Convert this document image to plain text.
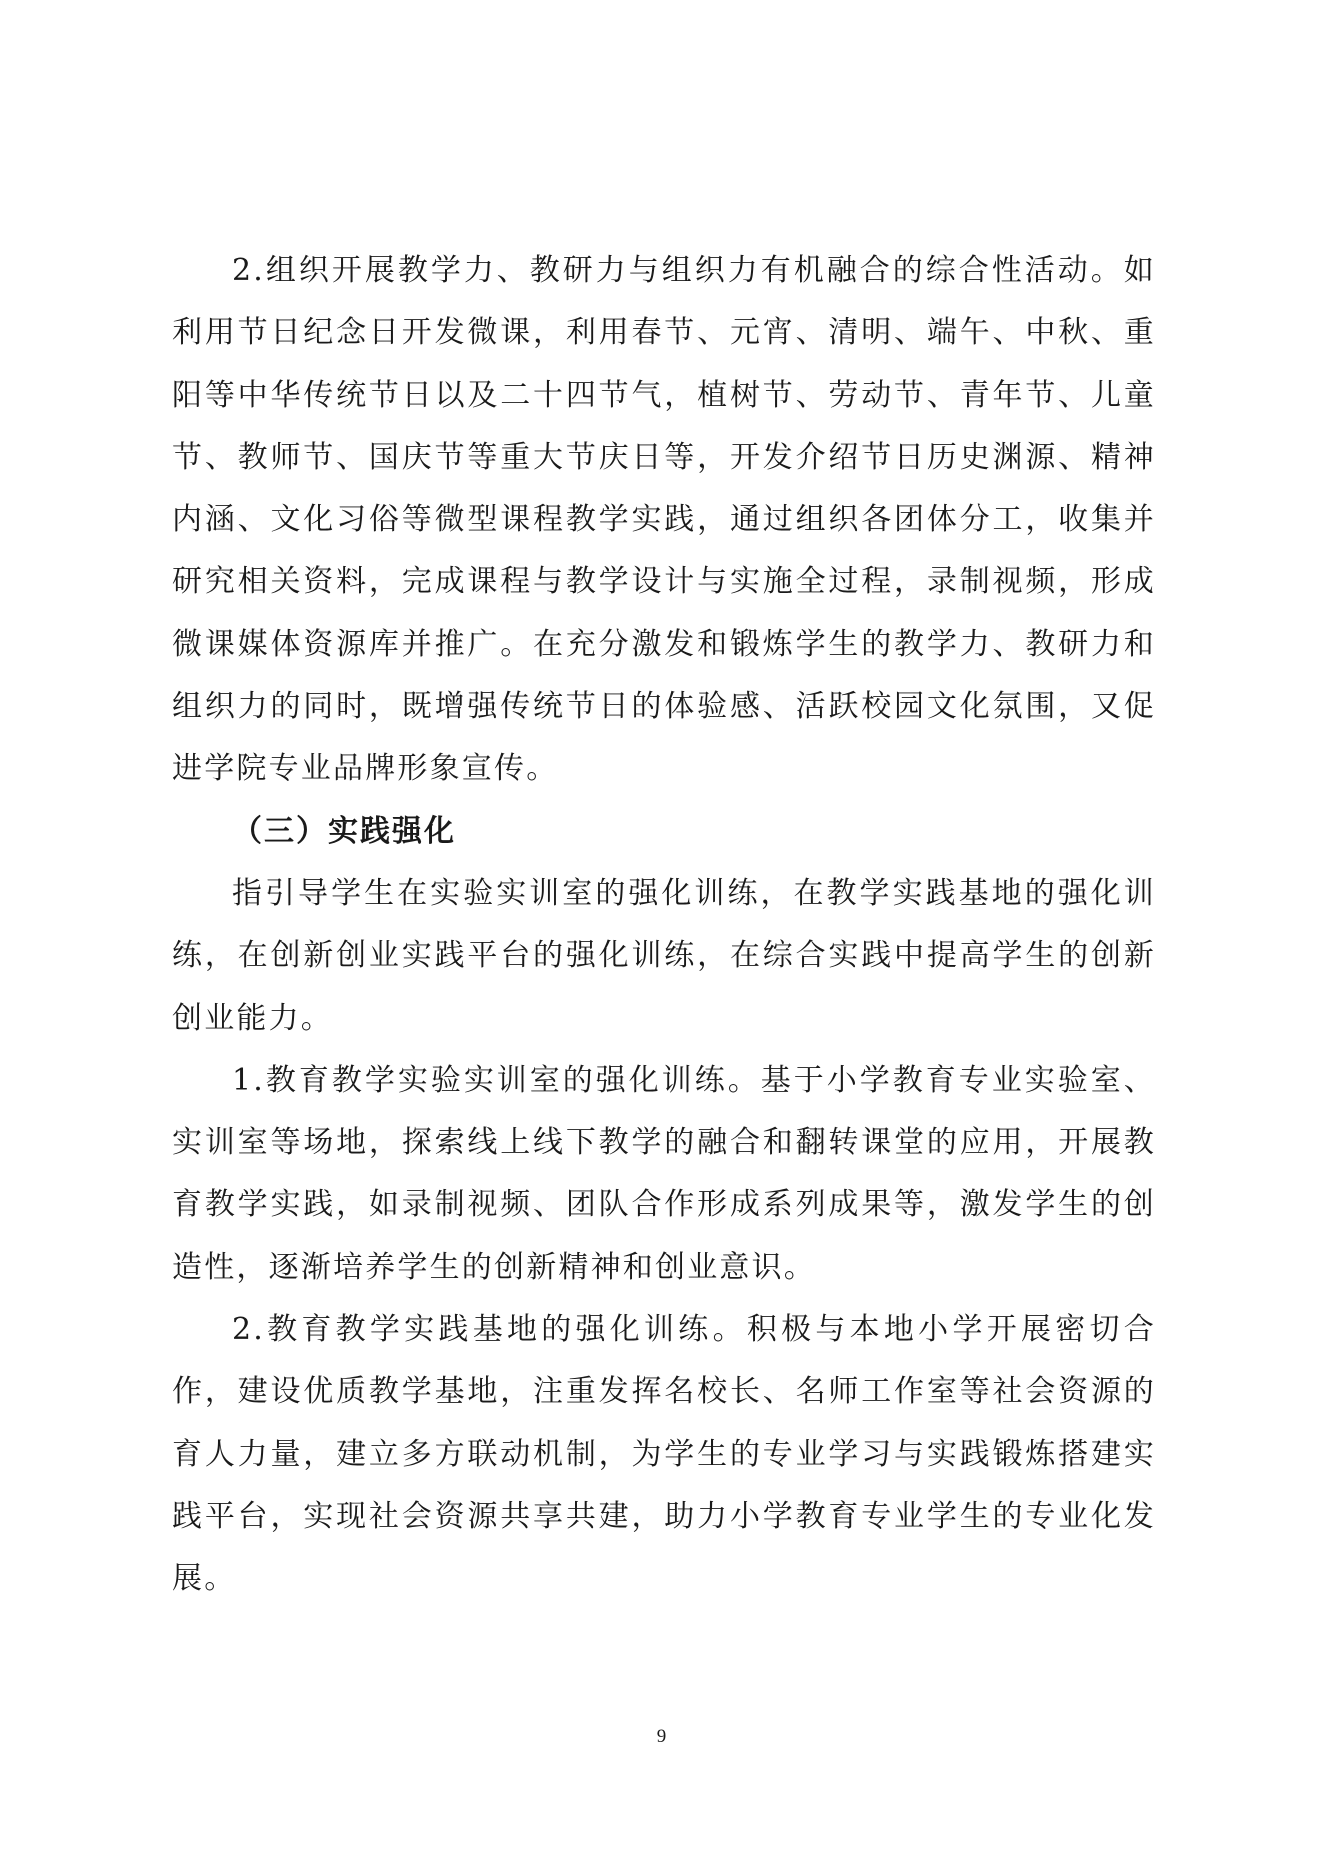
2.组织开展教学力、教研力与组织力有机融合的综合性活动。如利用节日纪念日开发微课，利用春节、元宵、清明、端午、中秋、重阳等中华传统节日以及二十四节气，植树节、劳动节、青年节、儿童节、教师节、国庆节等重大节庆日等，开发介绍节日历史渊源、精神内涵、文化习俗等微型课程教学实践，通过组织各团体分工，收集并研究相关资料，完成课程与教学设计与实施全过程，录制视频，形成微课媒体资源库并推广。在充分激发和锻炼学生的教学力、教研力和组织力的同时，既增强传统节日的体验感、活跃校园文化氛围，又促进学院专业品牌形象宣传。

（三）实践强化

指引导学生在实验实训室的强化训练，在教学实践基地的强化训练，在创新创业实践平台的强化训练，在综合实践中提高学生的创新创业能力。

1.教育教学实验实训室的强化训练。基于小学教育专业实验室、实训室等场地，探索线上线下教学的融合和翻转课堂的应用，开展教育教学实践，如录制视频、团队合作形成系列成果等，激发学生的创造性，逐渐培养学生的创新精神和创业意识。

2.教育教学实践基地的强化训练。积极与本地小学开展密切合作，建设优质教学基地，注重发挥名校长、名师工作室等社会资源的育人力量，建立多方联动机制，为学生的专业学习与实践锻炼搭建实践平台，实现社会资源共享共建，助力小学教育专业学生的专业化发展。

9
